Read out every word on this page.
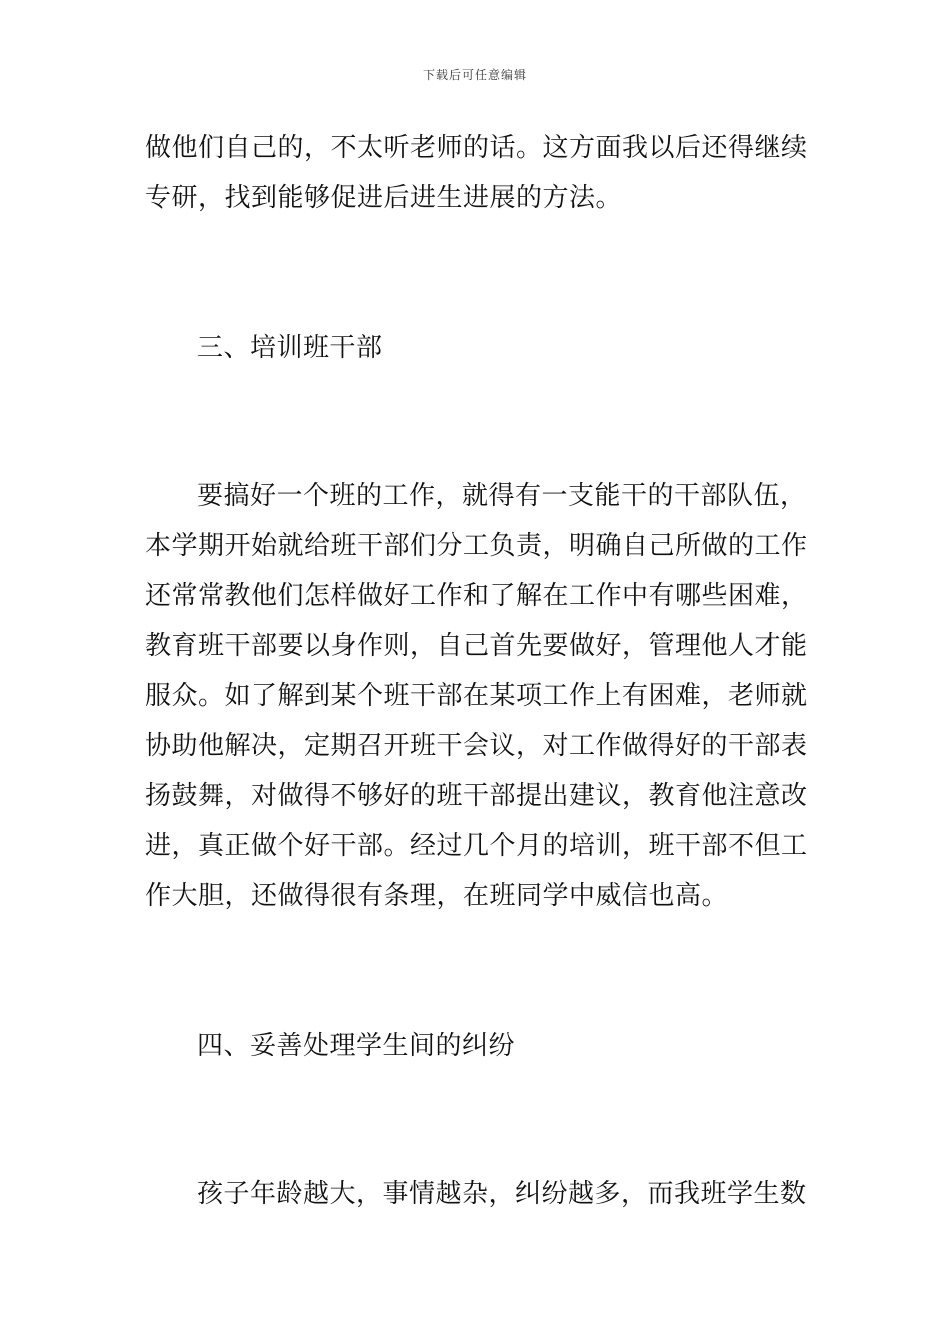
下载后可任意编辑
做他们自己的，不太听老师的话。这方面我以后还得继续
专研，找到能够促进后进生进展的方法。
三、培训班干部
要搞好一个班的工作，就得有一支能干的干部队伍，
本学期开始就给班干部们分工负责，明确自己所做的工作
还常常教他们怎样做好工作和了解在工作中有哪些困难，
教育班干部要以身作则，自己首先要做好，管理他人才能
服众。如了解到某个班干部在某项工作上有困难，老师就
协助他解决，定期召开班干会议，对工作做得好的干部表
扬鼓舞，对做得不够好的班干部提出建议，教育他注意改
进，真正做个好干部。经过几个月的培训，班干部不但工
作大胆，还做得很有条理，在班同学中威信也高。
四、妥善处理学生间的纠纷
孩子年龄越大，事情越杂，纠纷越多，而我班学生数
